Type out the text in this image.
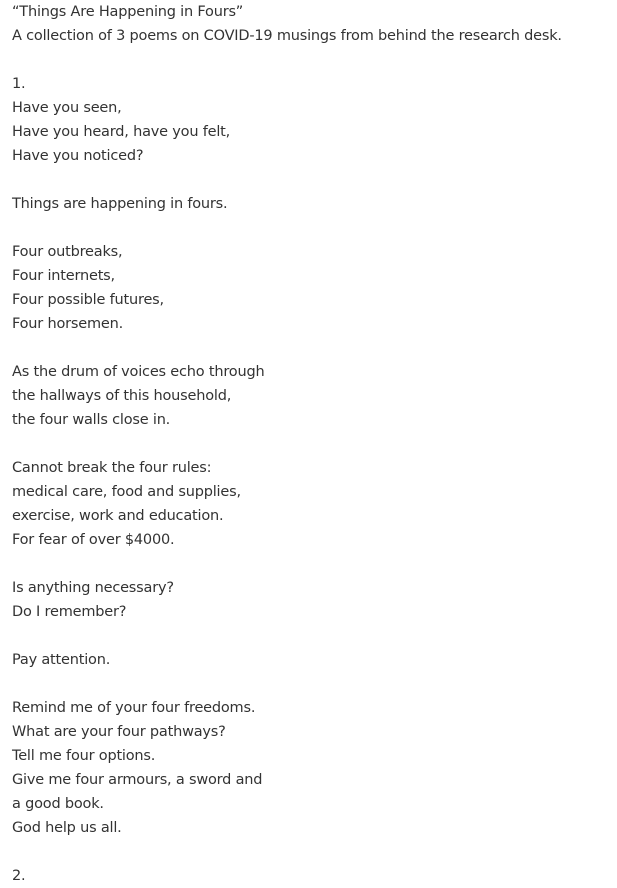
“Things Are Happening in Fours”
A collection of 3 poems on COVID-19 musings from behind the research desk.
1.
Have you seen,
Have you heard, have you felt,
Have you noticed?
Things are happening in fours.
Four outbreaks,
Four internets,
Four possible futures,
Four horsemen.
As the drum of voices echo through
the hallways of this household,
the four walls close in.
Cannot break the four rules:
medical care, food and supplies,
exercise, work and education.
For fear of over $4000.
Is anything necessary?
Do I remember?
Pay attention.
Remind me of your four freedoms.
What are your four pathways?
Tell me four options.
Give me four armours, a sword and
a good book.
God help us all.
2.
